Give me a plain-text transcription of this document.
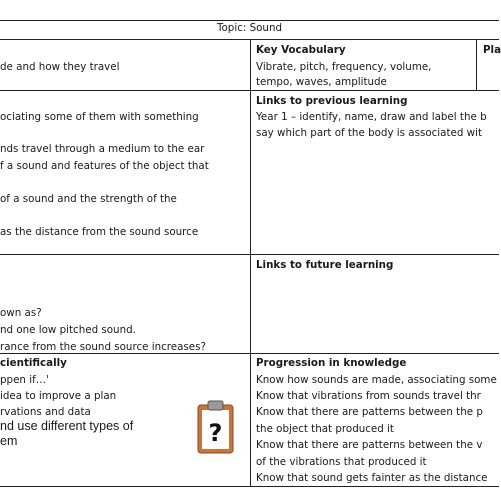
Topic: Sound
de and how they travel
ociating some of them with something
nds travel through a medium to the ear
f a sound and features of the object that
of a sound and the strength of the
as the distance from the sound source
own as?
nd one low pitched sound.
rance from the sound source increases?
cientifically
ppen if…'
idea to improve a plan
rvations and data
nd use different types of
em	?
Key Vocabulary
Vibrate, pitch, frequency, volume,
tempo, waves, amplitude
Pla
Links to previous learning
Year 1 – identify, name, draw and label the b
say which part of the body is associated wit
Links to future learning
Progression in knowledge
Know how sounds are made, associating some
Know that vibrations from sounds travel thr
Know that there are patterns between the p
the object that produced it
Know that there are patterns between the v
of the vibrations that produced it
Know that sound gets fainter as the distance
